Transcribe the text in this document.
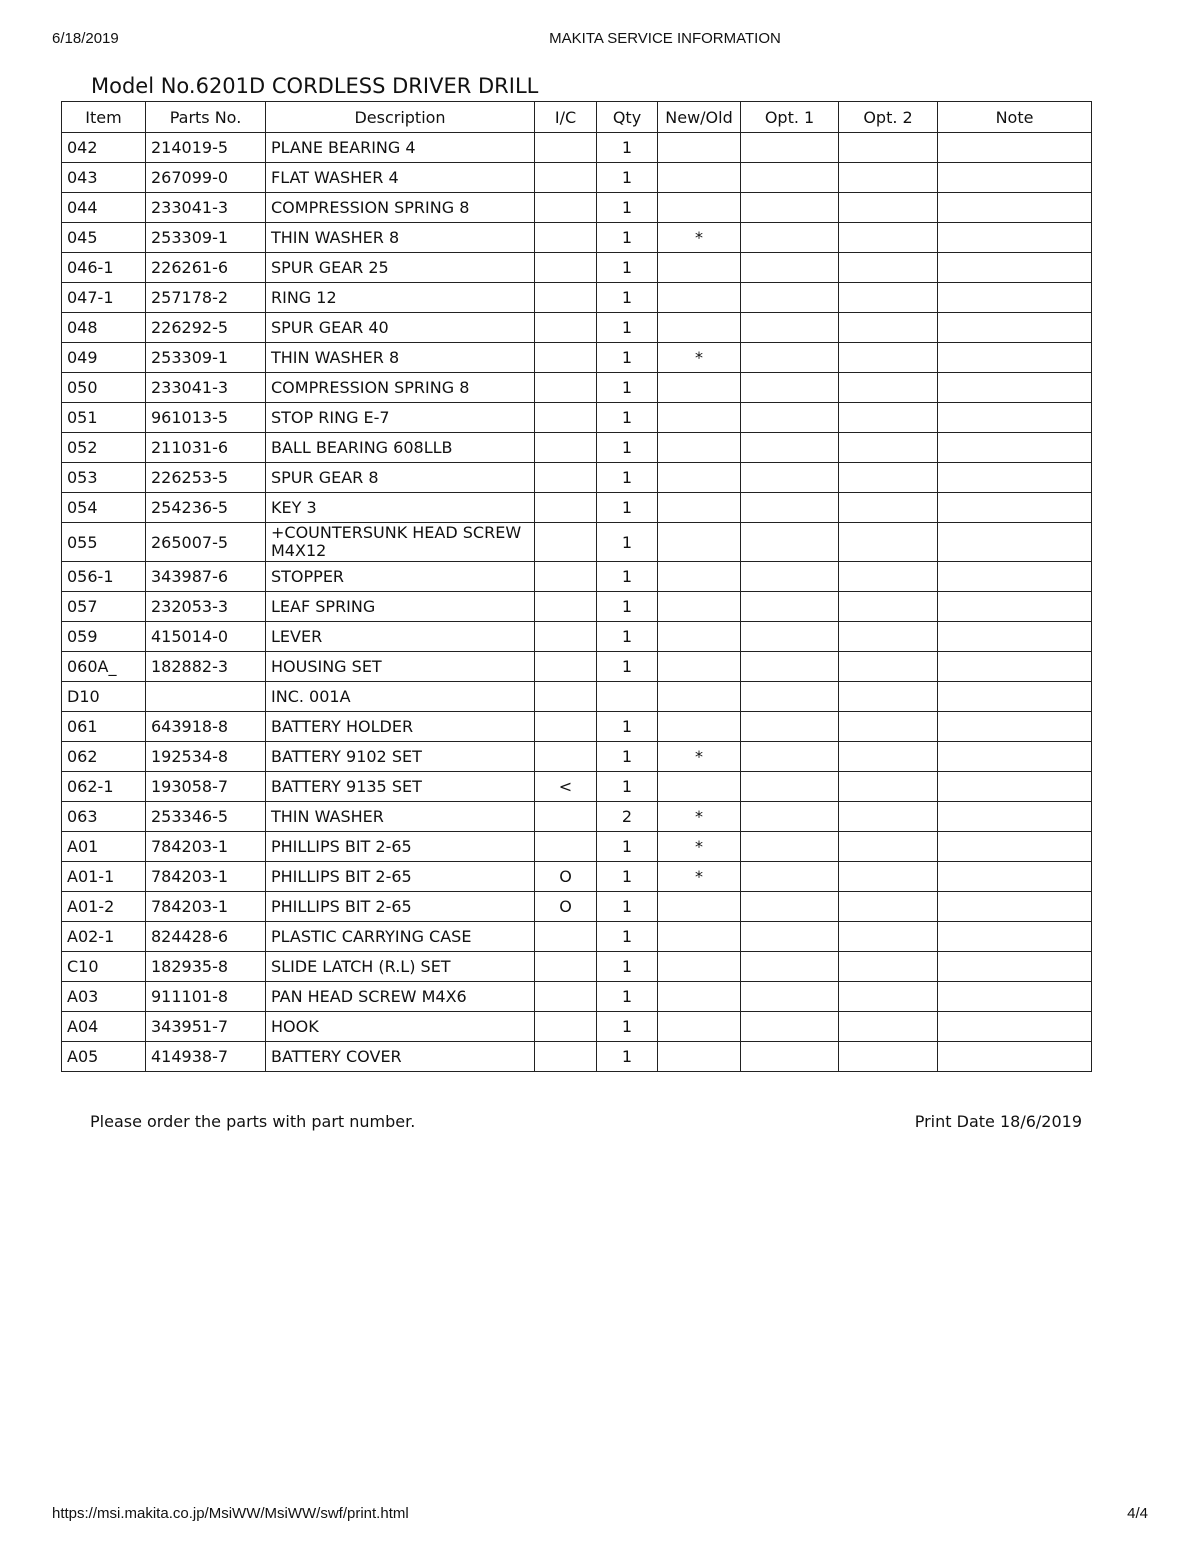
6/18/2019	MAKITA SERVICE INFORMATION
Model No.6201D CORDLESS DRIVER DRILL
Item	Parts No.	Description	I/C	Qty	New/Old	Opt. 1	Opt. 2	Note
042	214019-5	PLANE BEARING 4		1				
043	267099-0	FLAT WASHER 4		1				
044	233041-3	COMPRESSION SPRING 8		1				
045	253309-1	THIN WASHER 8		1	*			
046-1	226261-6	SPUR GEAR 25		1				
047-1	257178-2	RING 12		1				
048	226292-5	SPUR GEAR 40		1				
049	253309-1	THIN WASHER 8		1	*			
050	233041-3	COMPRESSION SPRING 8		1				
051	961013-5	STOP RING E-7		1				
052	211031-6	BALL BEARING 608LLB		1				
053	226253-5	SPUR GEAR 8		1				
054	254236-5	KEY 3		1				
055	265007-5	+COUNTERSUNK HEAD SCREW M4X12		1				
056-1	343987-6	STOPPER		1				
057	232053-3	LEAF SPRING		1				
059	415014-0	LEVER		1				
060A_	182882-3	HOUSING SET		1				
D10		INC. 001A						
061	643918-8	BATTERY HOLDER		1				
062	192534-8	BATTERY 9102 SET		1	*			
062-1	193058-7	BATTERY 9135 SET	<	1				
063	253346-5	THIN WASHER		2	*			
A01	784203-1	PHILLIPS BIT 2-65		1	*			
A01-1	784203-1	PHILLIPS BIT 2-65	O	1	*			
A01-2	784203-1	PHILLIPS BIT 2-65	O	1				
A02-1	824428-6	PLASTIC CARRYING CASE		1				
C10	182935-8	SLIDE LATCH (R.L) SET		1				
A03	911101-8	PAN HEAD SCREW M4X6		1				
A04	343951-7	HOOK		1				
A05	414938-7	BATTERY COVER		1				
Please order the parts with part number.	Print Date 18/6/2019
https://msi.makita.co.jp/MsiWW/MsiWW/swf/print.html	4/4
